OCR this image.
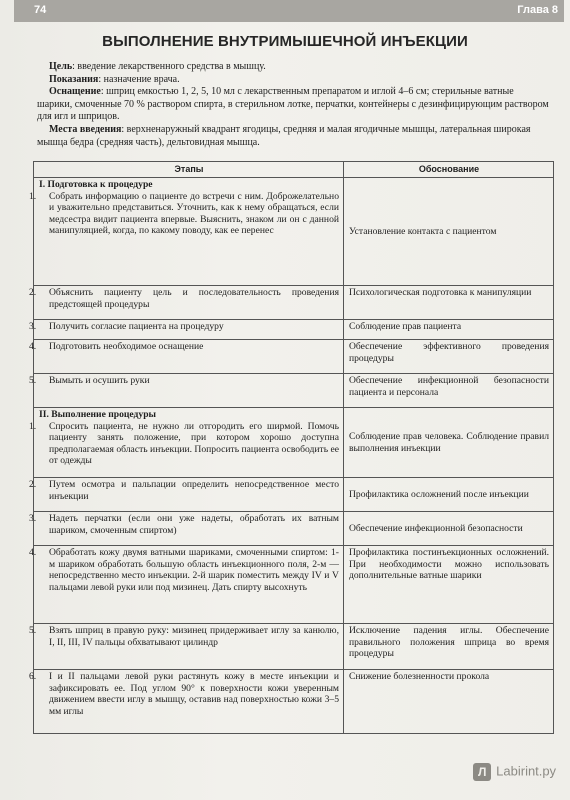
74	Глава 8
ВЫПОЛНЕНИЕ ВНУТРИМЫШЕЧНОЙ ИНЪЕКЦИИ

Цель: введение лекарственного средства в мышцу.

Показания: назначение врача.

Оснащение: шприц емкостью 1, 2, 5, 10 мл с лекарственным препаратом и иглой 4–6 см; стерильные ватные шарики, смоченные 70 % раствором спирта, в стерильном лотке, перчатки, контейнеры с дезинфицирующим раствором для игл и шприцов.

Места введения: верхненаружный квадрант ягодицы, средняя и малая ягодичные мышцы, латеральная широкая мышца бедра (средняя часть), дельтовидная мышца.

Этапы	Обоснование

I. Подготовка к процедуре
1. Собрать информацию о пациенте до встречи с ним. Доброжелательно и уважительно представиться. Уточнить, как к нему обращаться, если медсестра видит пациента впервые. Выяснить, знаком ли он с данной манипуляцией, когда, по какому поводу, как ее перенес	Установление контакта с пациентом

2. Объяснить пациенту цель и последовательность проведения предстоящей процедуры	Психологическая подготовка к манипуляции

3. Получить согласие пациента на процедуру	Соблюдение прав пациента

4. Подготовить необходимое оснащение	Обеспечение эффективного проведения процедуры

5. Вымыть и осушить руки	Обеспечение инфекционной безопасности пациента и персонала

II. Выполнение процедуры
1. Спросить пациента, не нужно ли отгородить его ширмой. Помочь пациенту занять положение, при котором хорошо доступна предполагаемая область инъекции. Попросить пациента освободить ее от одежды	Соблюдение прав человека. Соблюдение правил выполнения инъекции

2. Путем осмотра и пальпации определить непосредственное место инъекции	Профилактика осложнений после инъекции

3. Надеть перчатки (если они уже надеты, обработать их ватным шариком, смоченным спиртом)	Обеспечение инфекционной безопасности

4. Обработать кожу двумя ватными шариками, смоченными спиртом: 1-м шариком обработать большую область инъекционного поля, 2-м — непосредственно место инъекции. 2-й шарик поместить между IV и V пальцами левой руки или под мизинец. Дать спирту высохнуть	Профилактика постинъекционных осложнений. При необходимости можно использовать дополнительные ватные шарики

5. Взять шприц в правую руку: мизинец придерживает иглу за канюлю, I, II, III, IV пальцы обхватывают цилиндр	Исключение падения иглы. Обеспечение правильного положения шприца во время процедуры

6. I и II пальцами левой руки растянуть кожу в месте инъекции и зафиксировать ее. Под углом 90° к поверхности кожи уверенным движением ввести иглу в мышцу, оставив над поверхностью кожи 3–5 мм иглы	Снижение болезненности прокола
Л Labirint.ру
